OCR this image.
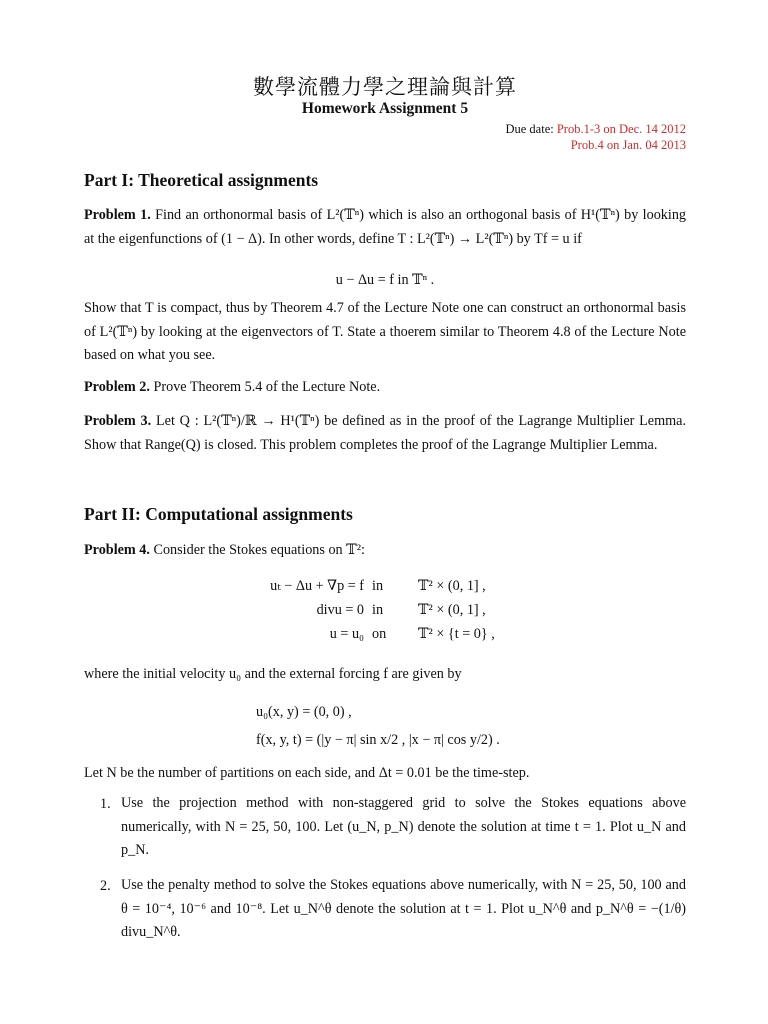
數學流體力學之理論與計算
Homework Assignment 5
Due date: Prob.1-3 on Dec. 14 2012
Prob.4 on Jan. 04 2013
Part I: Theoretical assignments
Problem 1. Find an orthonormal basis of L²(𝕋ⁿ) which is also an orthogonal basis of H¹(𝕋ⁿ) by looking at the eigenfunctions of (1 − Δ). In other words, define T : L²(𝕋ⁿ) → L²(𝕋ⁿ) by Tf = u if
u − Δu = f in 𝕋ⁿ .
Show that T is compact, thus by Theorem 4.7 of the Lecture Note one can construct an orthonormal basis of L²(𝕋ⁿ) by looking at the eigenvectors of T. State a thoerem similar to Theorem 4.8 of the Lecture Note based on what you see.
Problem 2. Prove Theorem 5.4 of the Lecture Note.
Problem 3. Let Q : L²(𝕋ⁿ)/ℝ → H¹(𝕋ⁿ) be defined as in the proof of the Lagrange Multiplier Lemma. Show that Range(Q) is closed. This problem completes the proof of the Lagrange Multiplier Lemma.
Part II: Computational assignments
Problem 4. Consider the Stokes equations on 𝕋²:
uₜ − Δu + ∇p = f in	𝕋² × (0, 1] ,
divu = 0 in	𝕋² × (0, 1] ,
u = u₀ on	𝕋² × {t = 0} ,
where the initial velocity u₀ and the external forcing f are given by
u₀(x, y) = (0, 0) ,
f(x, y, t) = (|y − π| sin x/2 , |x − π| cos y/2) .
Let N be the number of partitions on each side, and Δt = 0.01 be the time-step.
1. Use the projection method with non-staggered grid to solve the Stokes equations above numerically, with N = 25, 50, 100. Let (u_N, p_N) denote the solution at time t = 1. Plot u_N and p_N.
2. Use the penalty method to solve the Stokes equations above numerically, with N = 25, 50, 100 and θ = 10⁻⁴, 10⁻⁶ and 10⁻⁸. Let u_N^θ denote the solution at t = 1. Plot u_N^θ and p_N^θ = −(1/θ) divu_N^θ.
